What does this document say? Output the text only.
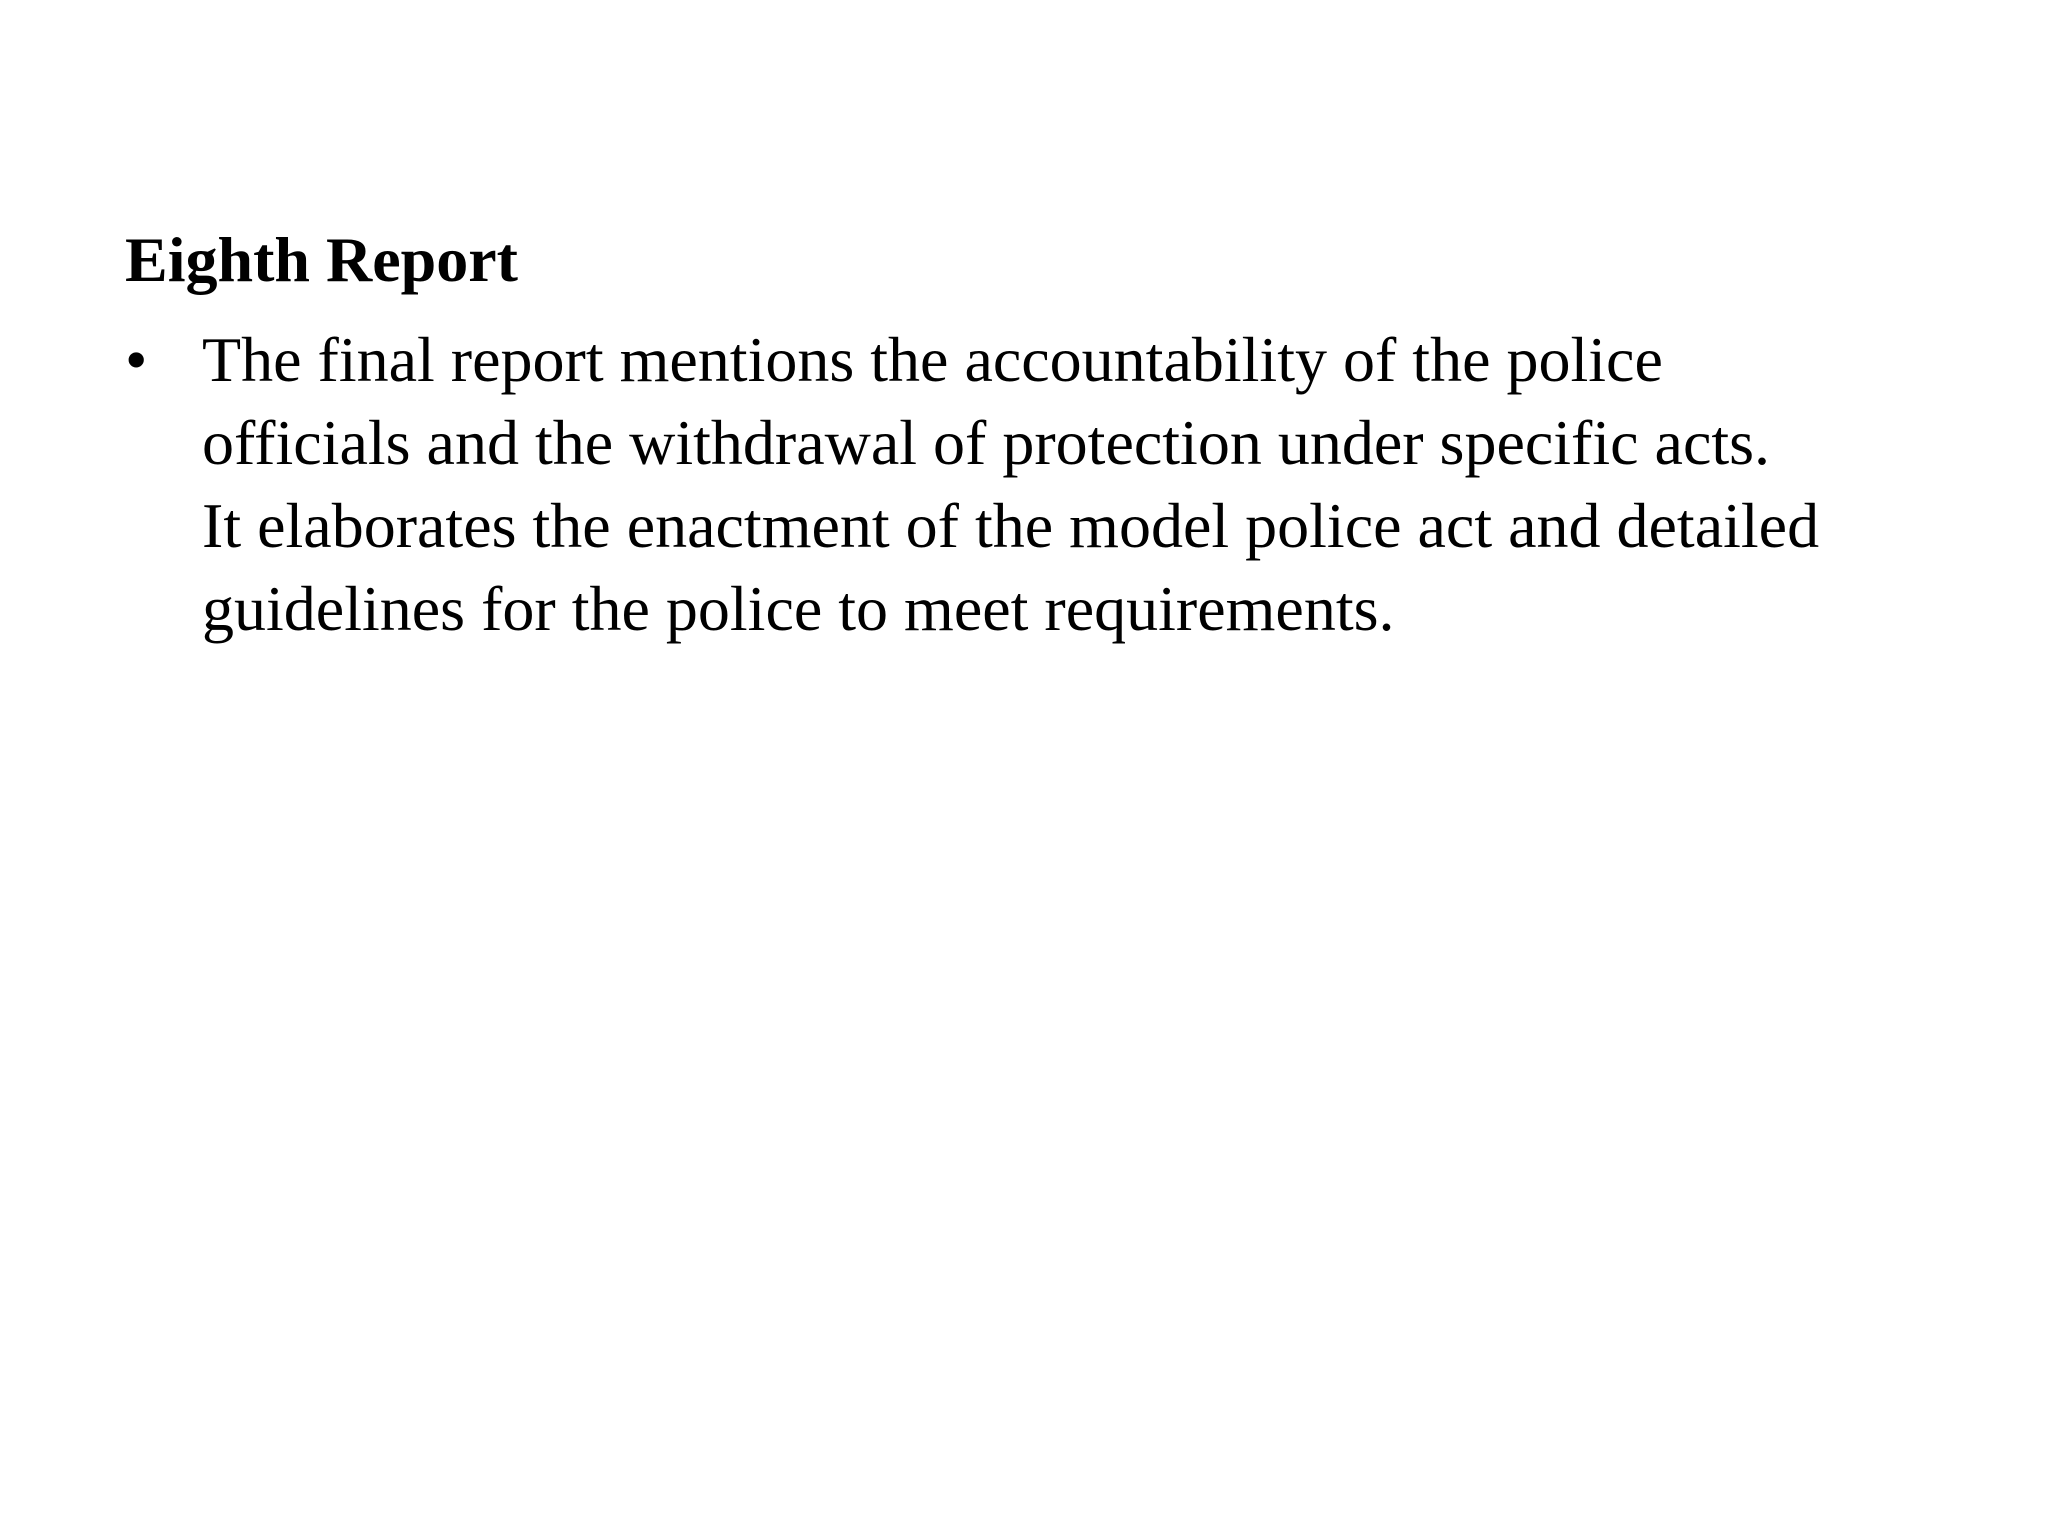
Eighth Report
• The final report mentions the accountability of the police
officials and the withdrawal of protection under specific acts.
It elaborates the enactment of the model police act and detailed
guidelines for the police to meet requirements.
